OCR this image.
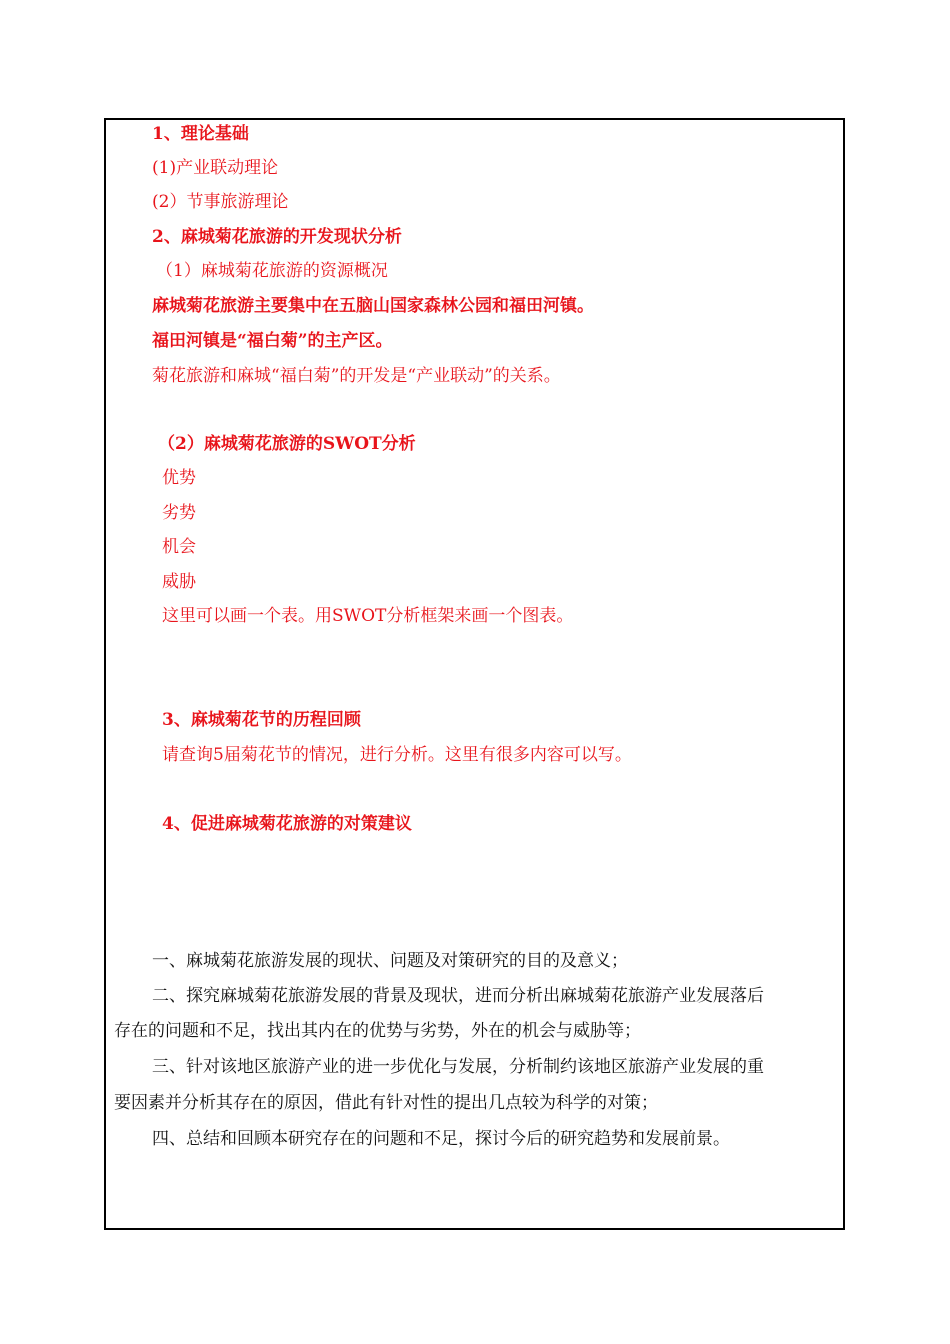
1、理论基础
(1)产业联动理论
(2）节事旅游理论
2、麻城菊花旅游的开发现状分析
（1）麻城菊花旅游的资源概况
麻城菊花旅游主要集中在五脑山国家森林公园和福田河镇。
福田河镇是“福白菊”的主产区。
菊花旅游和麻城“福白菊”的开发是“产业联动”的关系。
（2）麻城菊花旅游的SWOT分析
优势
劣势
机会
威胁
这里可以画一个表。用SWOT分析框架来画一个图表。
3、麻城菊花节的历程回顾
请查询5届菊花节的情况，进行分析。这里有很多内容可以写。
4、促进麻城菊花旅游的对策建议
一、麻城菊花旅游发展的现状、问题及对策研究的目的及意义；
二、探究麻城菊花旅游发展的背景及现状，进而分析出麻城菊花旅游产业发展落后
存在的问题和不足，找出其内在的优势与劣势，外在的机会与威胁等；
三、针对该地区旅游产业的进一步优化与发展，分析制约该地区旅游产业发展的重
要因素并分析其存在的原因，借此有针对性的提出几点较为科学的对策；
四、总结和回顾本研究存在的问题和不足，探讨今后的研究趋势和发展前景。
